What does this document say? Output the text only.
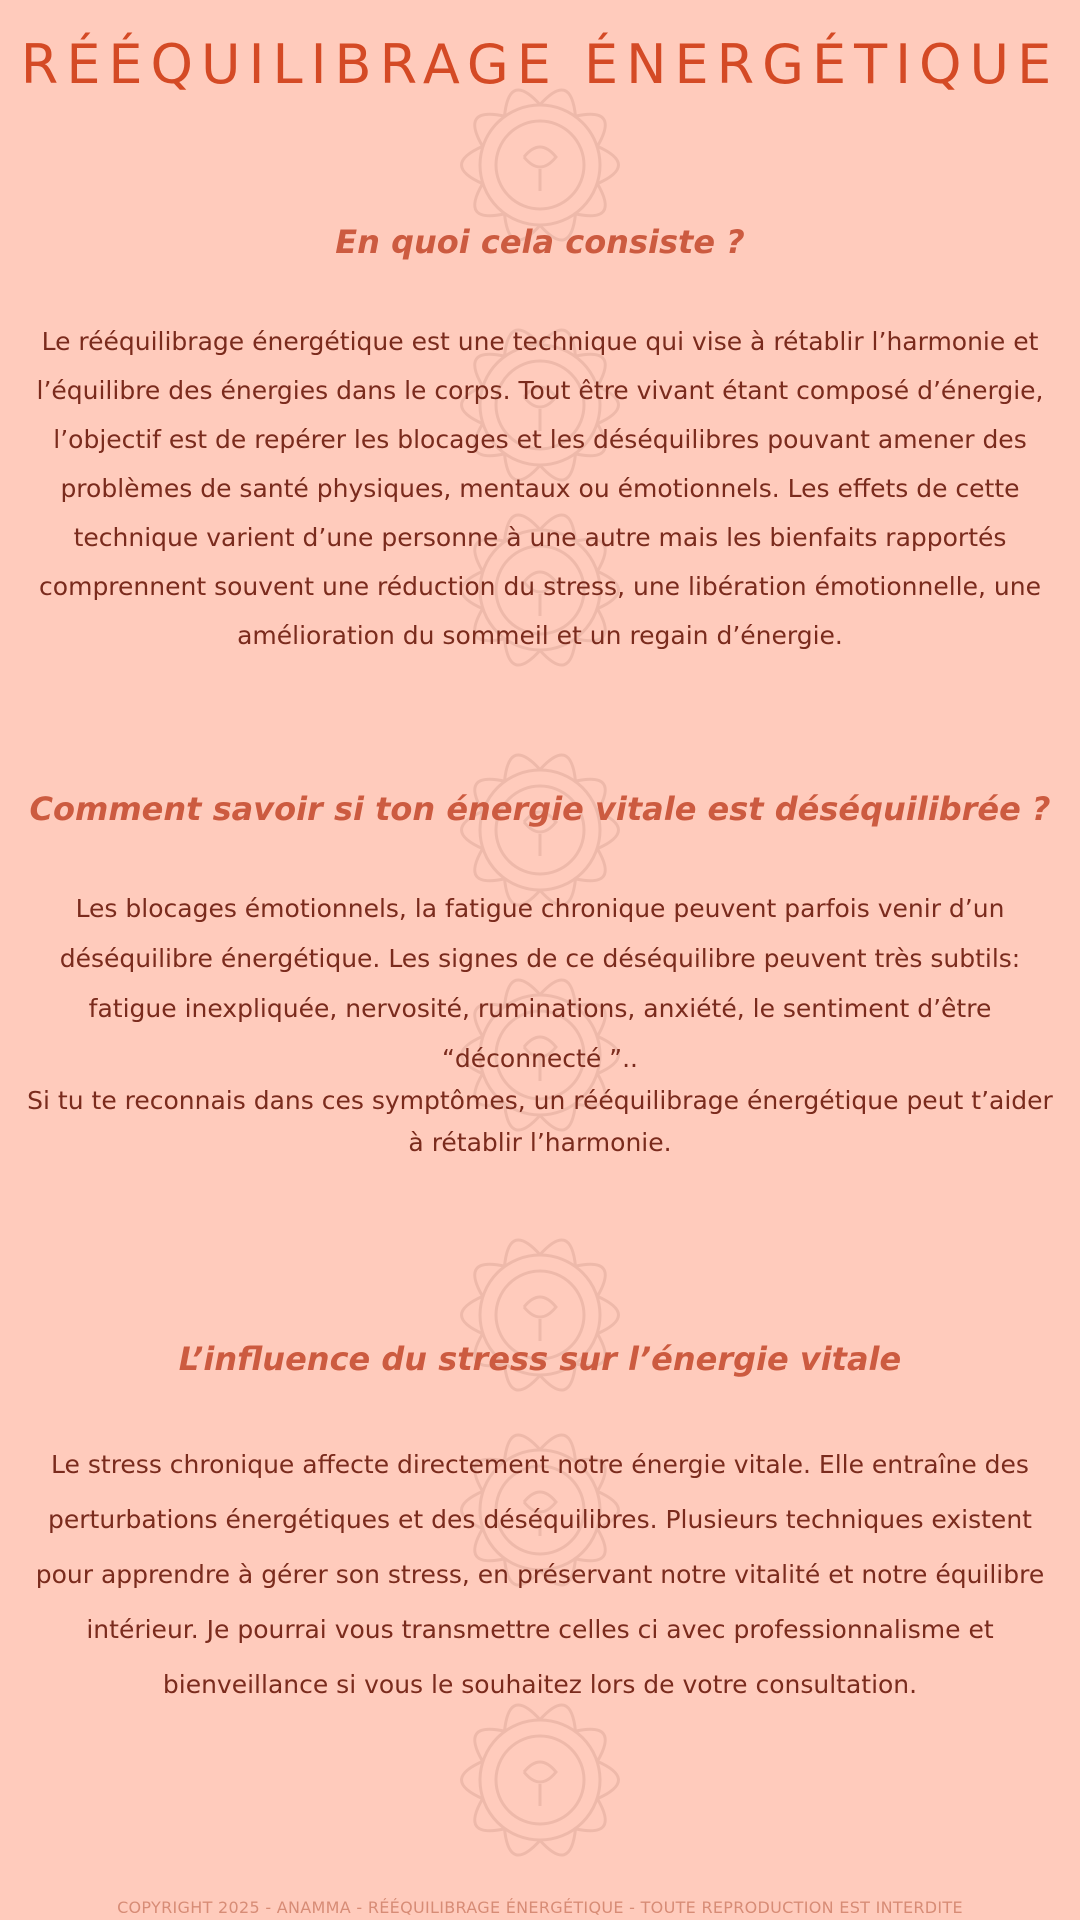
RÉÉQUILIBRAGE ÉNERGÉTIQUE
En quoi cela consiste ?

Le rééquilibrage énergétique est une technique qui vise à rétablir l’harmonie et l’équilibre des énergies dans le corps. Tout être vivant étant composé d’énergie, l’objectif est de repérer les blocages et les déséquilibres pouvant amener des problèmes de santé physiques, mentaux ou émotionnels. Les effets de cette technique varient d’une personne à une autre mais les bienfaits rapportés comprennent souvent une réduction du stress, une libération émotionnelle, une amélioration du sommeil et un regain d’énergie.

Comment savoir si ton énergie vitale est déséquilibrée ?

Les blocages émotionnels, la fatigue chronique peuvent parfois venir d’un déséquilibre énergétique. Les signes de ce déséquilibre peuvent très subtils: fatigue inexpliquée, nervosité, ruminations, anxiété, le sentiment d’être “déconnecté ”..

Si tu te reconnais dans ces symptômes, un rééquilibrage énergétique peut t’aider à rétablir l’harmonie.

L’influence du stress sur l’énergie vitale

Le stress chronique affecte directement notre énergie vitale. Elle entraîne des perturbations énergétiques et des déséquilibres. Plusieurs techniques existent pour apprendre à gérer son stress, en préservant notre vitalité et notre équilibre intérieur. Je pourrai vous transmettre celles ci avec professionnalisme et bienveillance si vous le souhaitez lors de votre consultation.

COPYRIGHT 2025 - ANAMMA - RÉÉQUILIBRAGE ÉNERGÉTIQUE - TOUTE REPRODUCTION EST INTERDITE
